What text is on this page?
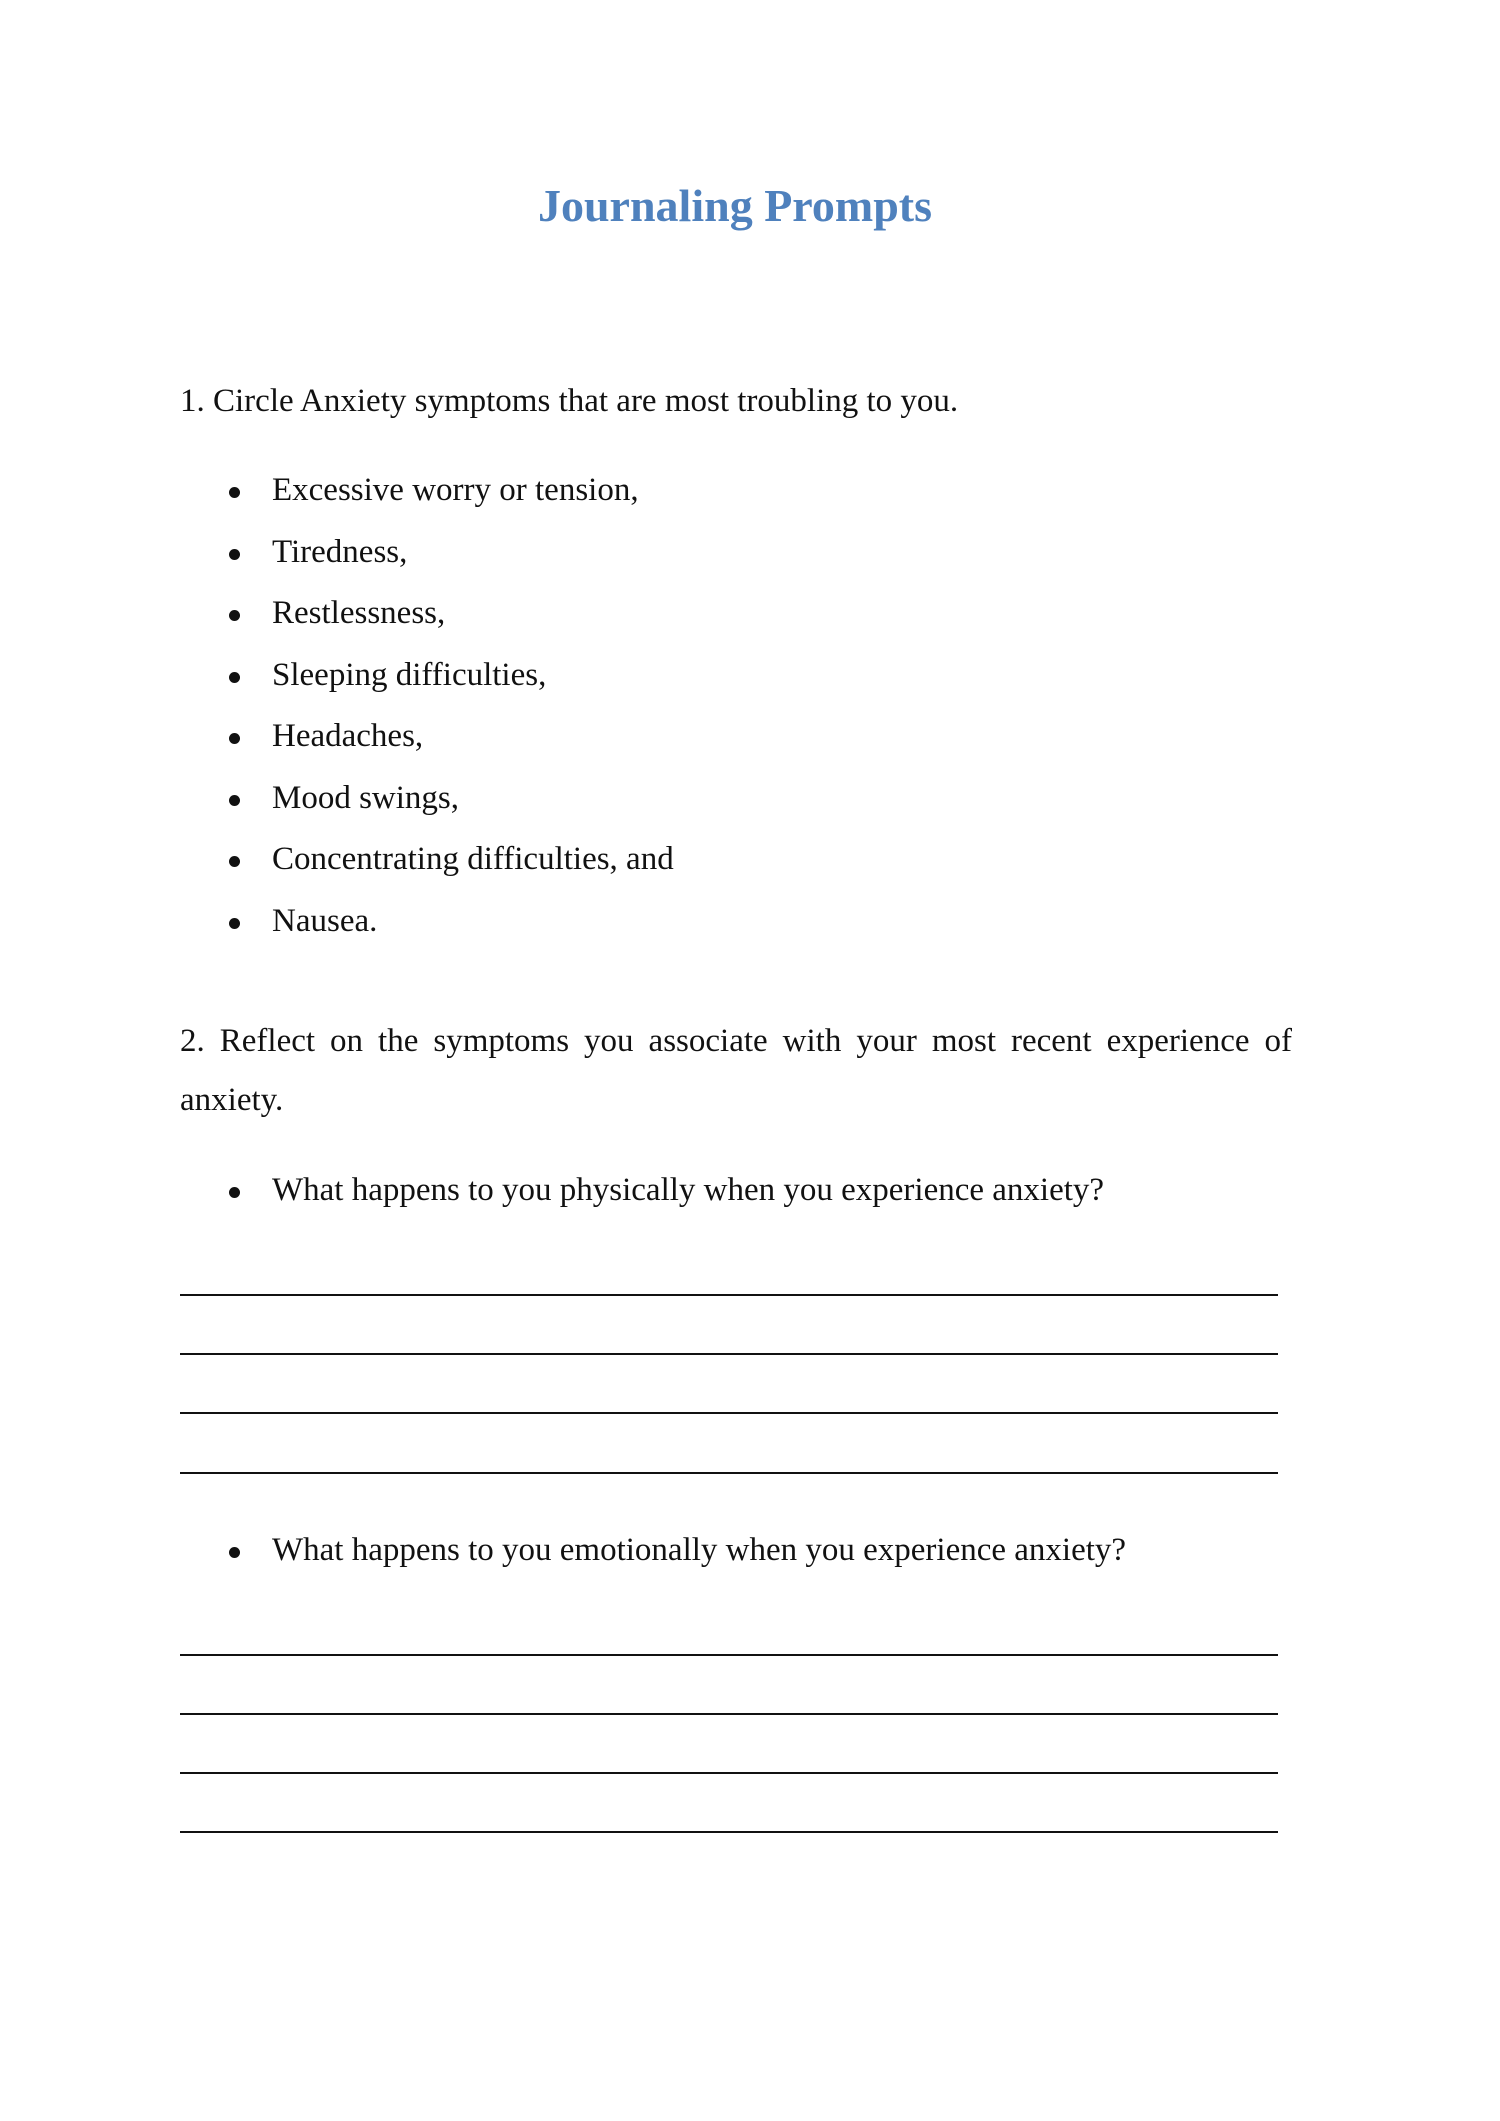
Journaling Prompts

1. Circle Anxiety symptoms that are most troubling to you.

Excessive worry or tension,
Tiredness,
Restlessness,
Sleeping difficulties,
Headaches,
Mood swings,
Concentrating difficulties, and
Nausea.

2. Reflect on the symptoms you associate with your most recent experience of anxiety.

What happens to you physically when you experience anxiety?
What happens to you emotionally when you experience anxiety?
